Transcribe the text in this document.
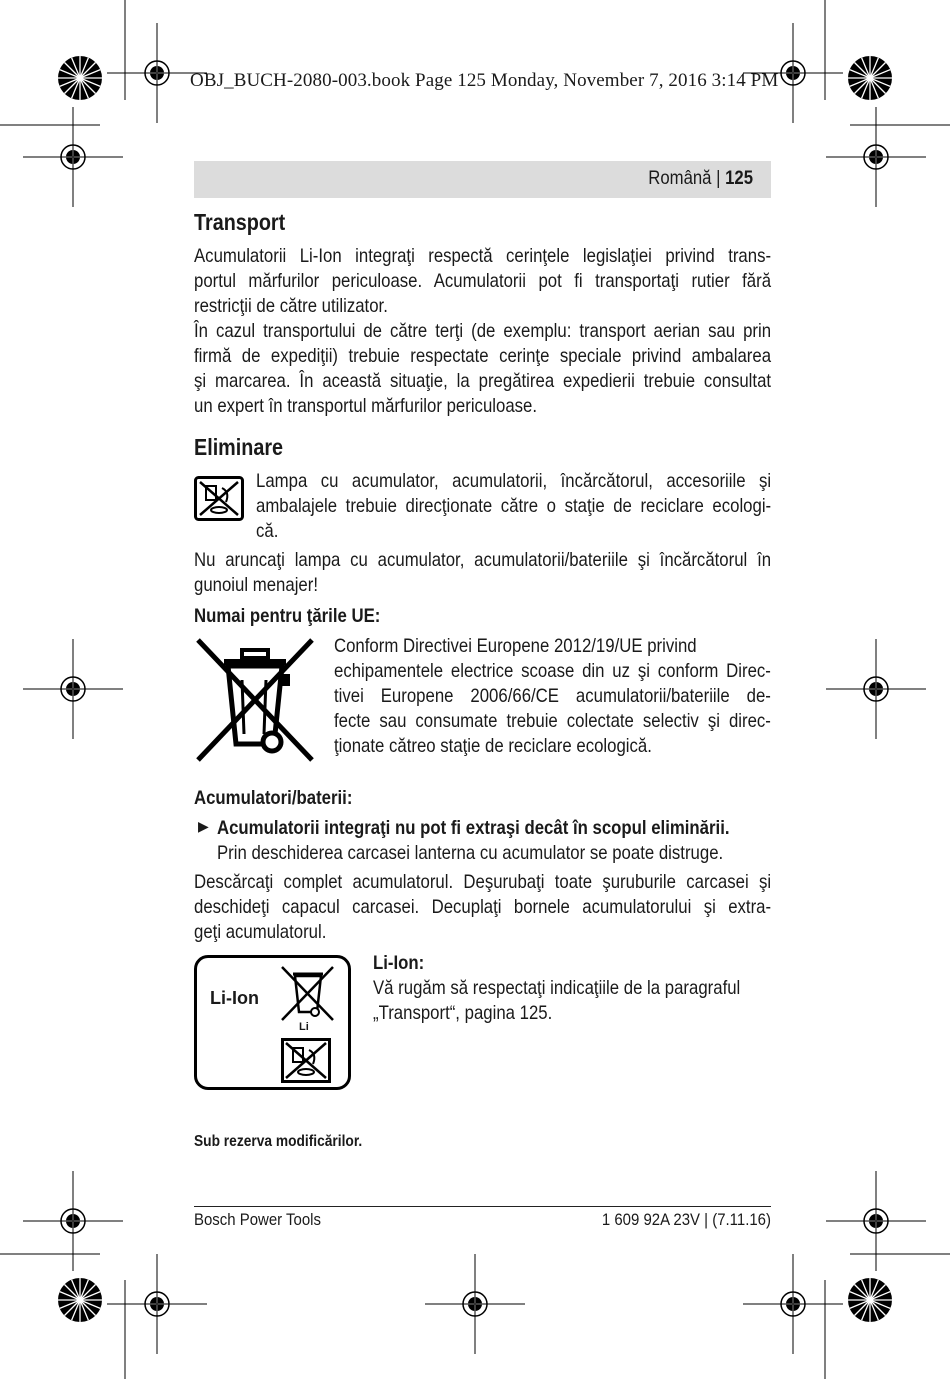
OBJ_BUCH-2080-003.book Page 125 Monday, November 7, 2016 3:14 PM
Română | 125
Transport

Acumulatorii Li-Ion integraţi respectă cerinţele legislaţiei privind trans-

portul mărfurilor periculoase. Acumulatorii pot fi transportaţi rutier fără

restricţii de către utilizator.

În cazul transportului de către terţi (de exemplu: transport aerian sau prin

firmă de expediţii) trebuie respectate cerinţe speciale privind ambalarea

şi marcarea. În această situaţie, la pregătirea expedierii trebuie consultat

un expert în transportul mărfurilor periculoase.

Eliminare

Lampa cu acumulator, acumulatorii, încărcătorul, accesoriile şi

ambalajele trebuie direcţionate către o staţie de reciclare ecologi-

că.

Nu aruncaţi lampa cu acumulator, acumulatorii/bateriile şi încărcătorul în

gunoiul menajer!

Numai pentru ţările UE:

Conform Directivei Europene 2012/19/UE privind

echipamentele electrice scoase din uz şi conform Direc-

tivei Europene 2006/66/CE acumulatorii/bateriile de-

fecte sau consumate trebuie colectate selectiv şi direc-

ţionate cătreo staţie de reciclare ecologică.

Acumulatori/baterii:

▶ Acumulatorii integraţi nu pot fi extraşi decât în scopul eliminării.

Prin deschiderea carcasei lanterna cu acumulator se poate distruge.

Descărcaţi complet acumulatorul. Deşurubaţi toate şuruburile carcasei şi

deschideţi capacul carcasei. Decuplaţi bornele acumulatorului şi extra-

geţi acumulatorul.

Li-Ion
Li

Li-Ion:

Vă rugăm să respectaţi indicaţiile de la paragraful

„Transport“, pagina 125.

Sub rezerva modificărilor.
Bosch Power Tools	1 609 92A 23V | (7.11.16)
